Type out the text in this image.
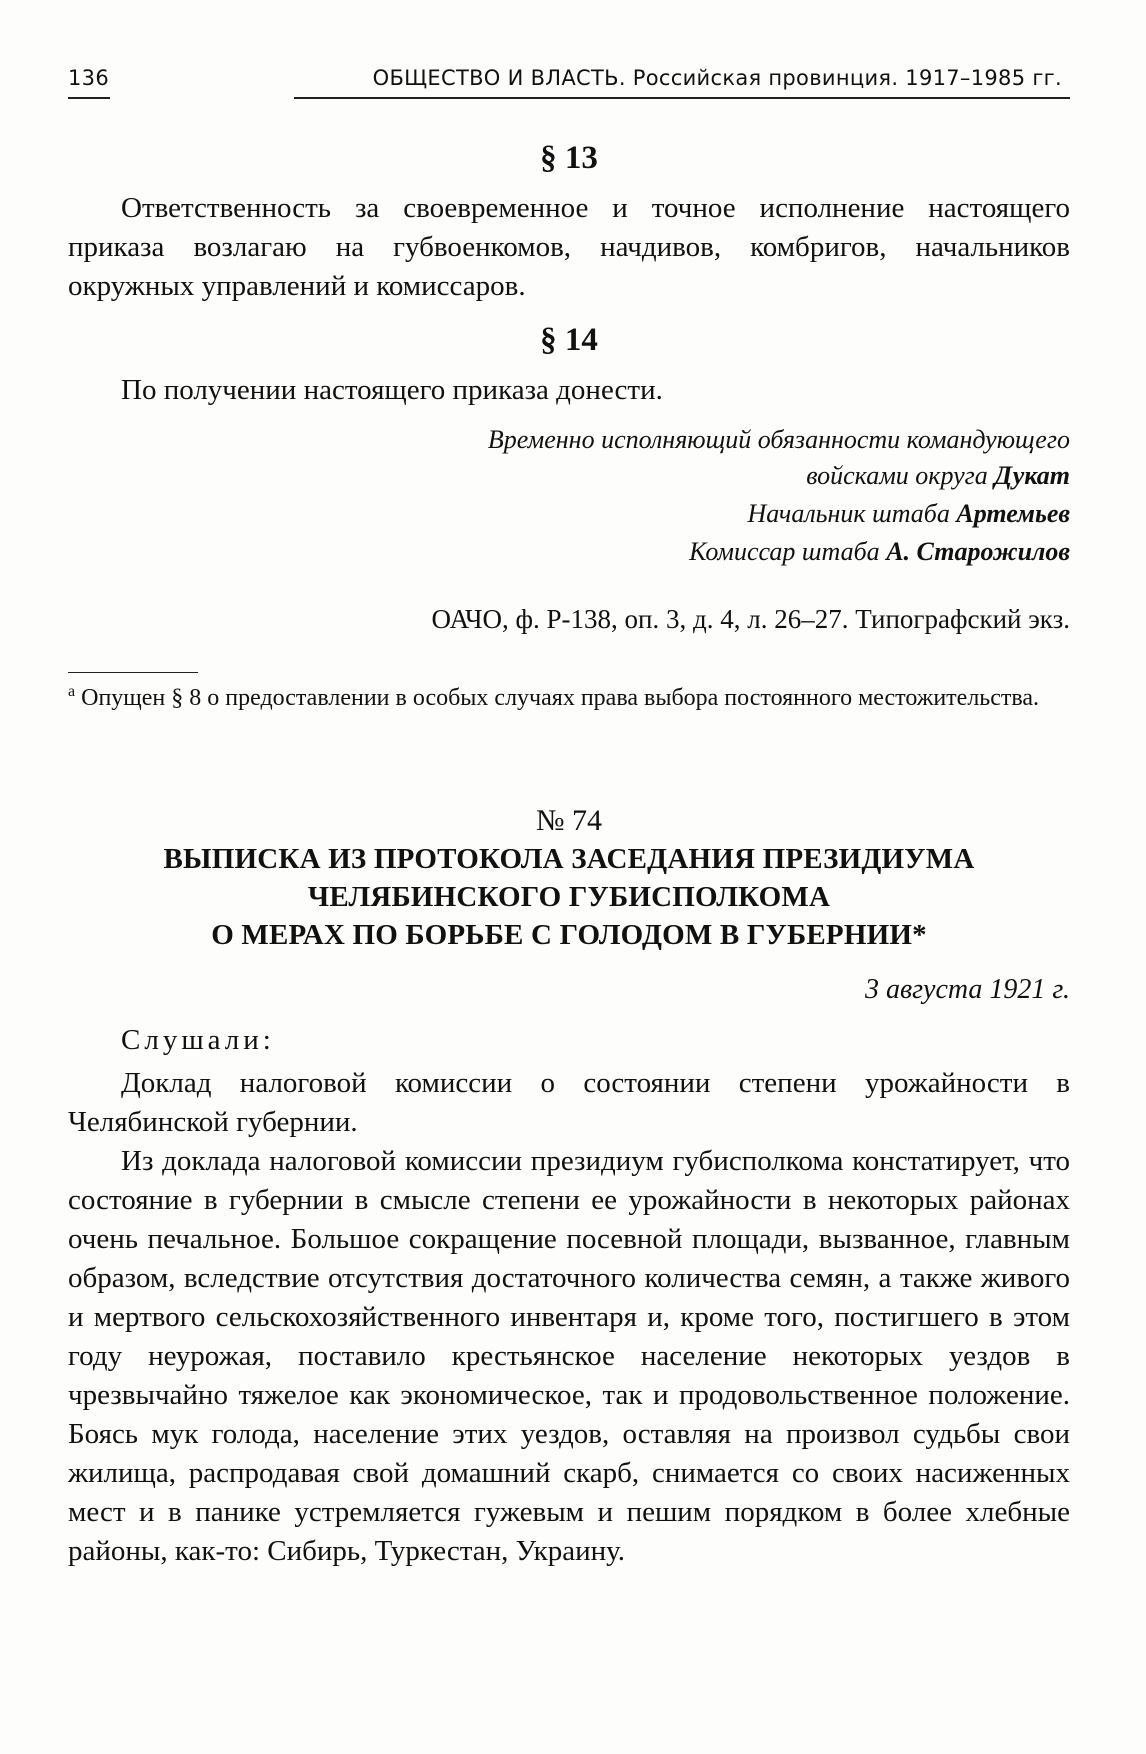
136	ОБЩЕСТВО И ВЛАСТЬ. Российская провинция. 1917–1985 гг.
§ 13

Ответственность за своевременное и точное исполнение настоящего приказа возлагаю на губвоенкомов, начдивов, комбригов, начальников окружных управлений и комиссаров.

§ 14

По получении настоящего приказа донести.

Временно исполняющий обязанности командующего
войсками округа Дукат
Начальник штаба Артемьев
Комиссар штаба А. Старожилов
ОАЧО, ф. Р-138, оп. 3, д. 4, л. 26–27. Типографский экз.
$^а$ Опущен § 8 о предоставлении в особых случаях права выбора постоянного местожительства.
№ 74
ВЫПИСКА ИЗ ПРОТОКОЛА ЗАСЕДАНИЯ ПРЕЗИДИУМА
ЧЕЛЯБИНСКОГО ГУБИСПОЛКОМА
О МЕРАХ ПО БОРЬБЕ С ГОЛОДОМ В ГУБЕРНИИ*
3 августа 1921 г.
Слушали:

Доклад налоговой комиссии о состоянии степени урожайности в Челябинской губернии.

Из доклада налоговой комиссии президиум губисполкома констатирует, что состояние в губернии в смысле степени ее урожайности в некоторых районах очень печальное. Большое сокращение посевной площади, вызванное, главным образом, вследствие отсутствия достаточного количества семян, а также живого и мертвого сельскохозяйственного инвентаря и, кроме того, постигшего в этом году неурожая, поставило крестьянское население некоторых уездов в чрезвычайно тяжелое как экономическое, так и продовольственное положение. Боясь мук голода, население этих уездов, оставляя на произвол судьбы свои жилища, распродавая свой домашний скарб, снимается со своих насиженных мест и в панике устремляется гужевым и пешим порядком в более хлебные районы, как-то: Сибирь, Туркестан, Украину.
